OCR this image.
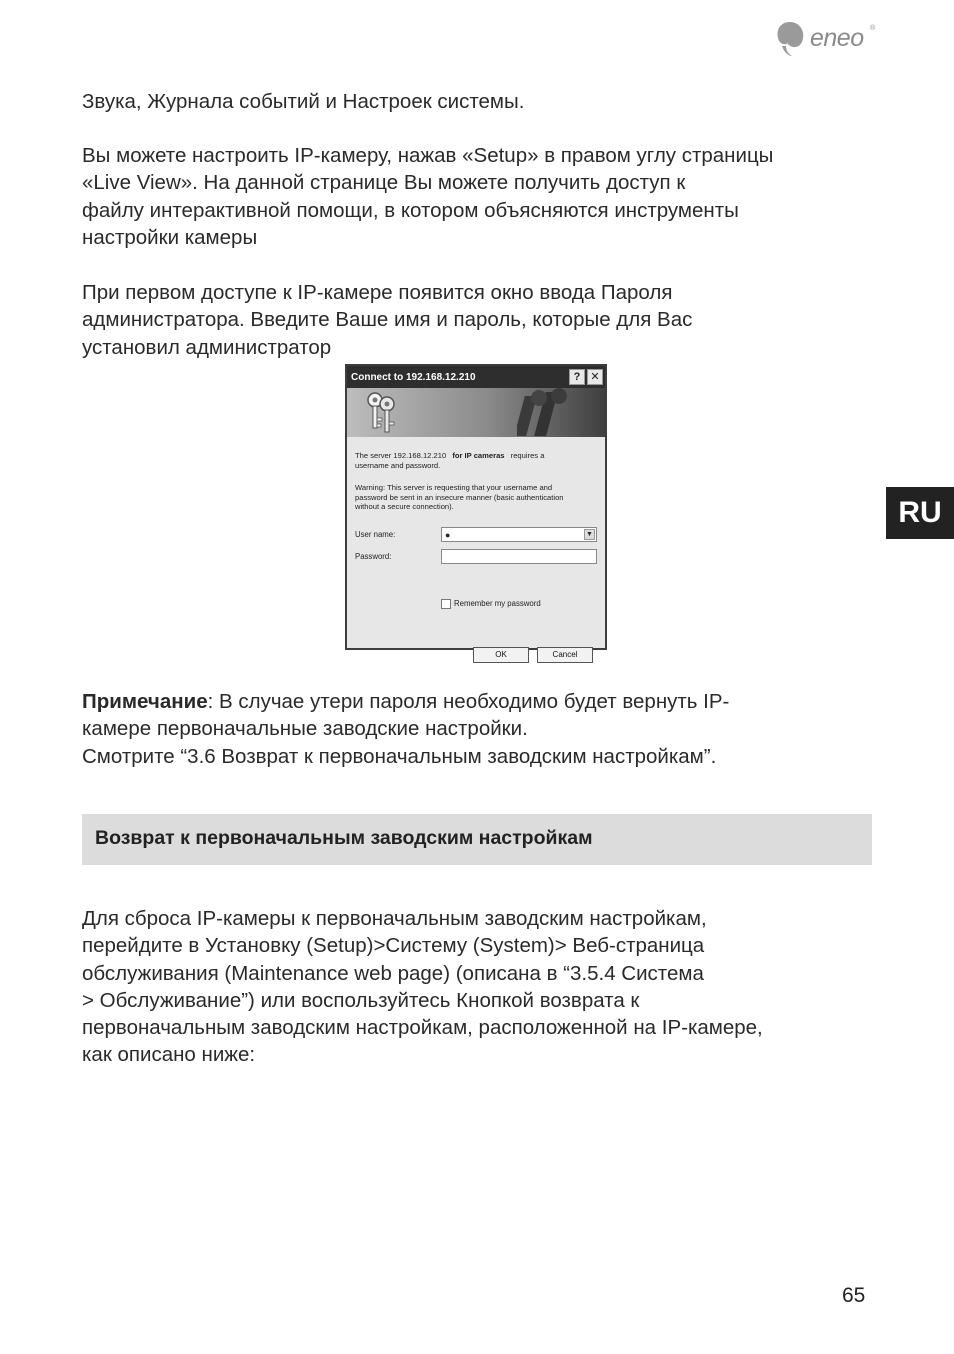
eneo ®

Звука, Журнала событий и Настроек системы.

Вы можете настроить IP-камеру, нажав «Setup» в правом углу страницы
«Live View». На данной странице Вы можете получить доступ к
файлу интерактивной помощи, в котором объясняются инструменты
настройки камеры

При первом доступе к IP-камере появится окно ввода Пароля
администратора. Введите Ваше имя и пароль, которые для Вас
установил администратор

RU
Connect to 192.168.12.210	? ✕
The server 192.168.12.210 for IP cameras requires a
username and password.
Warning: This server is requesting that your username and
password be sent in an insecure manner (basic authentication
without a secure connection).
User name:	●	▼
Password:
Remember my password
OK	Cancel

Примечание: В случае утери пароля необходимо будет вернуть IP-
камере первоначальные заводские настройки.
Смотрите “3.6 Возврат к первоначальным заводским настройкам”.

Возврат к первоначальным заводским настройкам

Для сброса IP-камеры к первоначальным заводским настройкам,
перейдите в Установку (Setup)>Систему (System)> Веб-страница
обслуживания (Maintenance web page) (описана в “3.5.4 Система
> Обслуживание”) или воспользуйтесь Кнопкой возврата к
первоначальным заводским настройкам, расположенной на IP-камере,
как описано ниже:

65
